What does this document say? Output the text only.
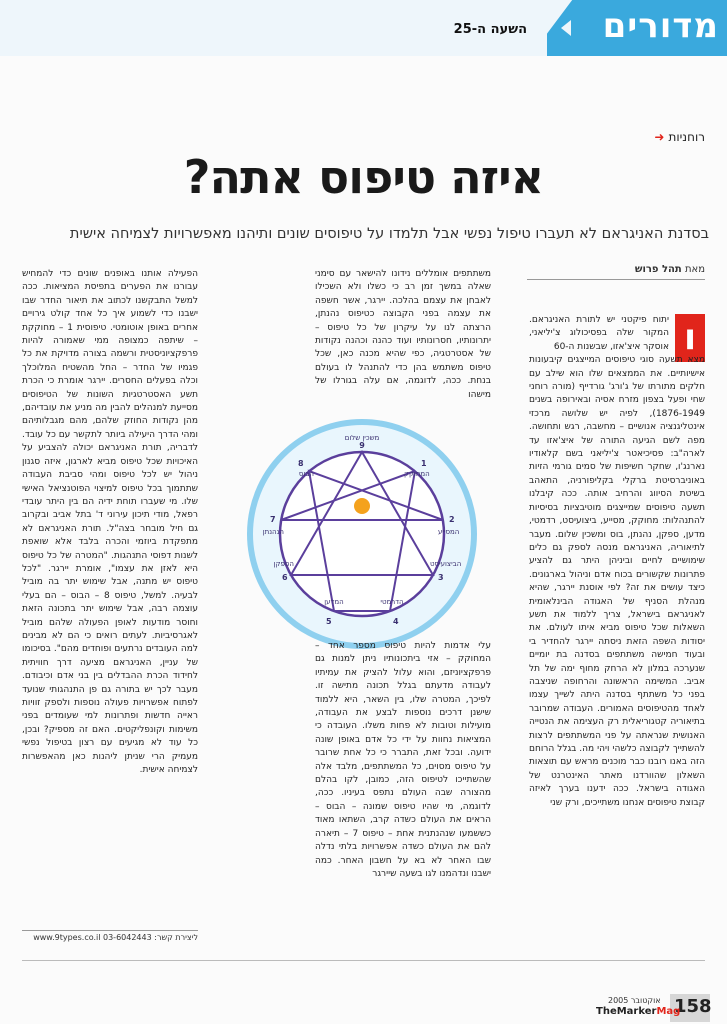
מדורים
השעה ה-25
רוחניות
➜
איזה טיפוס אתה?
בסדנת האניגראם לא תעברו טיפול נפשי אבל תלמדו על טיפוסים שונים ותיהנו מאפשרויות לצמיחה אישית
מאת תהל פרוש
ו

יתוח פיקטני יש לתורת האניגראם. המקור שלה בפסיכולוג צ'יליאני, אוסקר איצ'אזו, שבשנות ה-60

מצא תשעה סוגי טיפוסים המייצגים קיבעונות אישיותיים. את הממצאים שלו הוא שילב עם חלקים מתורתו של ג'ורג' גורדייף (מורה רוחני שחי ופעל בצפון מזרח אסיה ובאירופה בשנים 1876-1949), לפיה יש שלושה מרכזי אינטליגנציה אנושיים – מחשבה, רגש ותחושה. מפה לשם הגיעה התורה של איצ'אזו עד לארה"ב: פסיכיאטר צ'יליאני בשם קלאודיו נארנג'ו, שחקר חשיפות של סמים גורמי הזיות באוניברסיטת ברקלי בקליפורניה, התאהב בשיטת הסיווג והרחיב אותה. ככה קיבלנו תשעה טיפוסים שמייצגים מוטיבציות בסיסיות להתנהלות: מחוקק, מסייע, ביצועיסט, רדמטי, מדען, ספקן, נהנתן, בוס ומשכין שלום. מעבר לתיאוריה, האניגראם מנסה לספק גם כלים שימושיים לחיים וביניהן היתר גם להציע פתרונות שקשורים בכוח אדם וניהול בארגונים. כיצד עושים את זה? לפי אוסנת יירגר, שהיא מנהלת הסניף של האגודה הבינלאומית לאניגראם בישראל, צריך ללמוד את תשע השאלות שכל טיפוס מביא איתו לעולם. את יסודות השפה הזאת ניסתה יירגר להחדיר בי ובעוד חמישה משתתפים בסדנה בת יומיים שנערכה במלון לא הרחק מחוף ימה של תל אביב. המשימה הראשונה והרחופה שניצבה בפני כל משתתף בסדנה היתה לשייך עצמו לאחד מהטיפוסים האמורים. העבודה שמרובר בתיאוריה קטגוריאלית רק העצימה את הנטייה האנושית שנראתה על פני המשתתפים לרצות להשתייך לקבוצה כלשהי ויהי מה. בגלל הרוחם הזה באנו רובנו כבר מוכנים מראש עם תוצאות השאלון שהוורדנו מאתר האינטרנט של האגודה בישראל. ככה ידענו בערך לאיזה קבוצת טיפוסים אנחנו משתייכים, ורק שני

משתתפים אומללים נידונו להישאר עם סימני שאלה במשך זמן רב כי כשלו ולא השכילו לאבחן את עצמם בהלכה. יירגר, אשר חשפה את עצמה בפני הקבוצה כטיפוס נהנתן, הרצתה לנו על עיקרון של כל טיפוס – יתרונותיו, חסרונותיו ועוד כהנה וכהנה נקודות של אסטרטגיה, כפי שהיא מכנה כאן, שכל טיפוס משתמש בהן כדי להתנהל לו בעולם בנחת. ככה, לדוגמה, אם עלה בגורלו של מישהו

משכין שלום
9
1
המחוקק
2
המסייע
3
הביצועיסט
4
הדרמטי
5
המדען
6
הספקן
7
הנהנתן
8
הבוס

עלי אדמות להיות טיפוס מספר אחד – המחוקק – אזי ביתכונותיו ניתן למנות גם פרפקציוניזם, והוא עלול להציק את עמיתיו לעבודה מדעתם בגלל תכונה מתישה זו. לפיכך, המטרה שלו, בין השאר, היא ללמוד שישנן דרכים נוספות לבצע את העבודה, מועילות וטובות לא פחות משלו. העובדה כי המציאות נחוות על ידי כל אדם באופן שונה ידועה. ובכל זאת, התברר כי כל אחת שרובר על טיפוס מסוים, כל המשתתפים, מלבד אלה שהשתייכו לטיפוס הזה, כמובן, לקו בהלם מהצורה שבה העולם נתפס בעיניו. ככה, לדוגמה, מי שהיו טיפוס שמונה – הבוס – הראים את העולם כשדה קרב, השתאו מאוד כששמעו שנהנתנית אחת – טיפוס 7 – תיארה להם את העולם כשדה אפשרויות בלתי נדלה שבו האחר לא בא על חשבון האחר. כמה ישבנו ונדהמנו לגו בשעה שיירגר

הפעילה אותנו באופנים שונים כדי להמחיש עבורנו את הפערים בתפיסת המציאות. ככה למשל התבקשנו לכתוב את תיאור החדר שבו ישבנו כדי לשמוע איך כל אחד קולט גירויים אחרים באופן אוטומטי. טיפוסית 1 – מחוקקת – שיתפה כמצופה ממי שאמורה להיות פרפקציוניסטית ורשמה בצורה מדויקת את כל פגמיו של החדר – החל מהשטיח המלוכלך וכלה בפעלים החסרים. יירגר אומרת כי הכרת תשע האסטרטגיות השונות של הטיפוסים מסייעת למנהלים להבין מה מניע את עובדיהם, מהן נקודות החוזק שלהם, מהם מגבלותיהם ומהי הדרך היעילה ביותר לתקשר עם כל עובד. לדבריה, תורת האניגראם יכולה להצביע על האיכויות שכל טיפוס מביא לארגון, איזה סגנון ניהול יש לכל טיפוס ומהי סביבת העבודה שתתמוך בכל טיפוס למיצוי הפוטנציאל האישי שלו. מי שעברו תוחת ידיה הם בין היתר עובדי רפאל, מודי תיכון עירוני ד' בתל אביב ובקרוב גם חיל מובחר בצה"ל. תורת האניגראם לא מתפקדת ביוזמי והכרה בלבד אלא שואפת לשנות דפוסי התנהגות. "המטרה של כל טיפוס היא לאזן את עצמו", אומרת יירגר. "לכל טיפוס יש מתנה, אבל שימוש יתר בה מוביל לבעיה. למשל, טיפוס 8 – הבוס – הם בעלי עוצמה רבה, אבל שימוש יתר בתכונה הזאת וחוסר מודעות לאופן הפעולה שלהם מוביל לאגרסיביות. לעתים רואים כי הם לא מבינים למה העובדים נרתעים ופוחדים מהם". בסיכומו של עניין, האניגראם מציעה דרך חוויתית לחידוד הכרת ההבדלים בין בני אדם וכיבודם. מעבר לכך יש בתורה גם פן התנהגותי שנועד לפתוח אפשרויות פעולה נוספות ולספק זוויות ראייה חדשות ופתרונות למי שעומדים בפני משימות וקונפליקטים. האם זה מספיק? ובכן, כל עוד לא מגיעים עם רצון בטיפול נפשי מעמיק הרי שניתן ליהנות כאן מהאפשרות לצמיחה אישית.

ליצירת קשר: www.9types.co.il 03-6042443
158
אוקטובר 2005
TheMarkerMag
